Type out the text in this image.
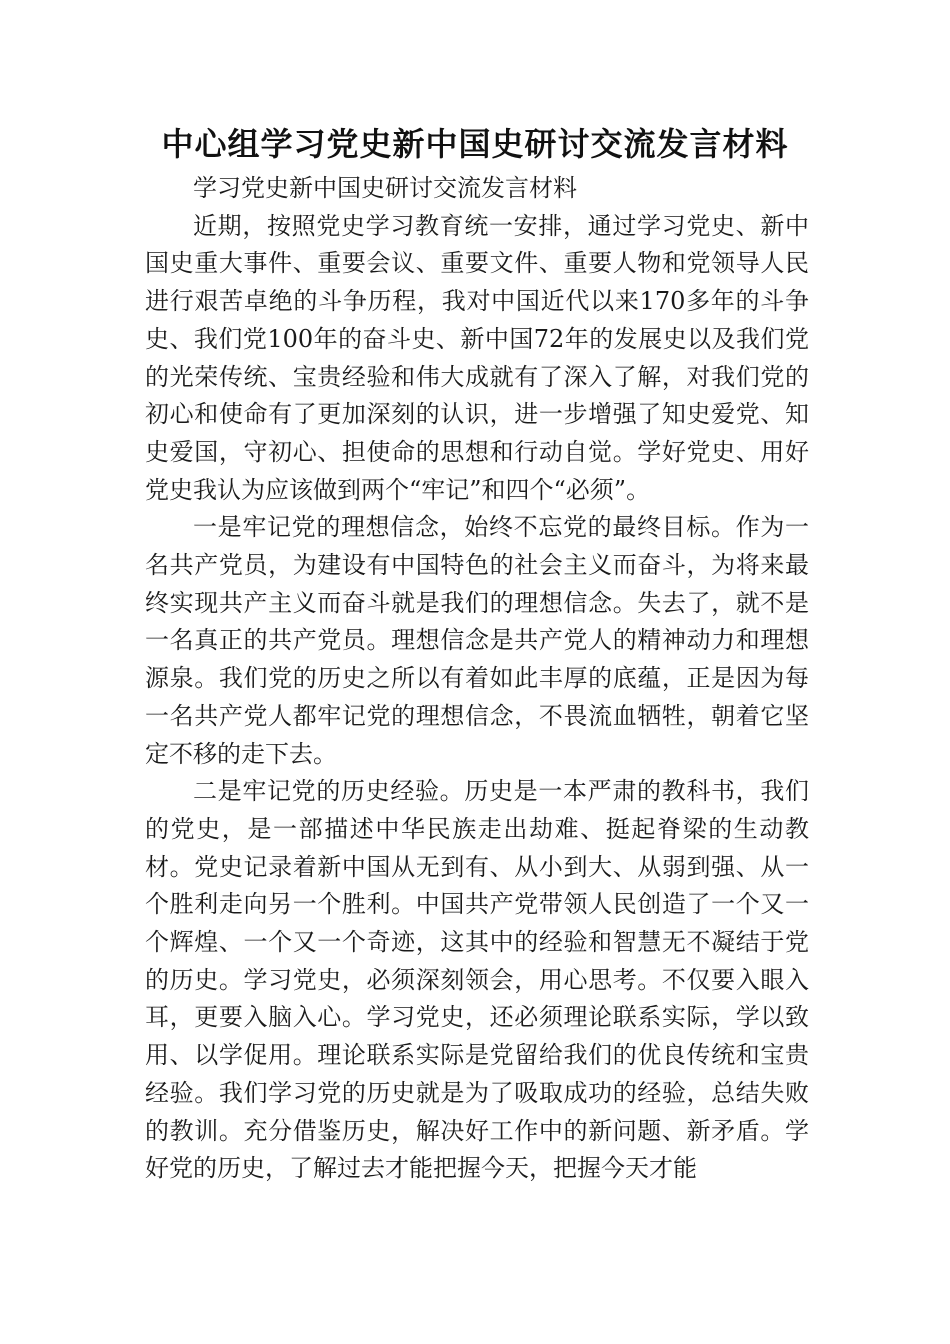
中心组学习党史新中国史研讨交流发言材料

学习党史新中国史研讨交流发言材料

近期，按照党史学习教育统一安排，通过学习党史、新中国史重大事件、重要会议、重要文件、重要人物和党领导人民进行艰苦卓绝的斗争历程，我对中国近代以来170多年的斗争史、我们党100年的奋斗史、新中国72年的发展史以及我们党的光荣传统、宝贵经验和伟大成就有了深入了解，对我们党的初心和使命有了更加深刻的认识，进一步增强了知史爱党、知史爱国，守初心、担使命的思想和行动自觉。学好党史、用好党史我认为应该做到两个“牢记”和四个“必须”。

一是牢记党的理想信念，始终不忘党的最终目标。作为一名共产党员，为建设有中国特色的社会主义而奋斗，为将来最终实现共产主义而奋斗就是我们的理想信念。失去了，就不是一名真正的共产党员。理想信念是共产党人的精神动力和理想源泉。我们党的历史之所以有着如此丰厚的底蕴，正是因为每一名共产党人都牢记党的理想信念，不畏流血牺牲，朝着它坚定不移的走下去。

二是牢记党的历史经验。历史是一本严肃的教科书，我们的党史，是一部描述中华民族走出劫难、挺起脊梁的生动教材。党史记录着新中国从无到有、从小到大、从弱到强、从一个胜利走向另一个胜利。中国共产党带领人民创造了一个又一个辉煌、一个又一个奇迹，这其中的经验和智慧无不凝结于党的历史。学习党史，必须深刻领会，用心思考。不仅要入眼入耳，更要入脑入心。学习党史，还必须理论联系实际，学以致用、以学促用。理论联系实际是党留给我们的优良传统和宝贵经验。我们学习党的历史就是为了吸取成功的经验，总结失败的教训。充分借鉴历史，解决好工作中的新问题、新矛盾。学好党的历史，了解过去才能把握今天，把握今天才能
